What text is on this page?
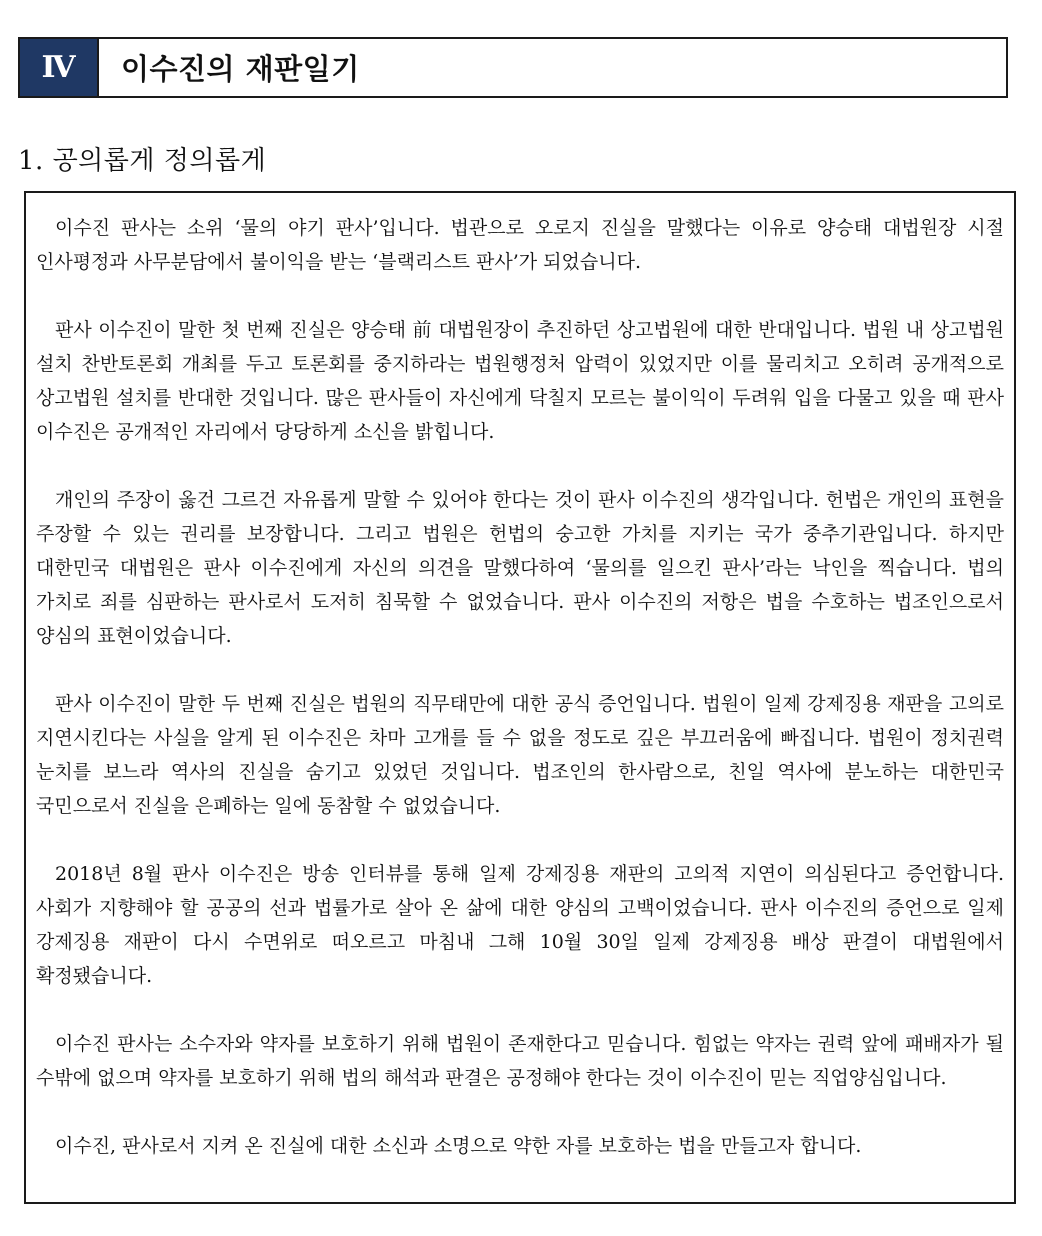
Ⅳ	이수진의 재판일기
1. 공의롭게 정의롭게

이수진 판사는 소위 ‘물의 야기 판사’입니다. 법관으로 오로지 진실을 말했다는 이유로 양승태 대법원장 시절 인사평정과 사무분담에서 불이익을 받는 ‘블랙리스트 판사’가 되었습니다.

판사 이수진이 말한 첫 번째 진실은 양승태 前 대법원장이 추진하던 상고법원에 대한 반대입니다. 법원 내 상고법원 설치 찬반토론회 개최를 두고 토론회를 중지하라는 법원행정처 압력이 있었지만 이를 물리치고 오히려 공개적으로 상고법원 설치를 반대한 것입니다. 많은 판사들이 자신에게 닥칠지 모르는 불이익이 두려워 입을 다물고 있을 때 판사 이수진은 공개적인 자리에서 당당하게 소신을 밝힙니다.

개인의 주장이 옳건 그르건 자유롭게 말할 수 있어야 한다는 것이 판사 이수진의 생각입니다. 헌법은 개인의 표현을 주장할 수 있는 권리를 보장합니다. 그리고 법원은 헌법의 숭고한 가치를 지키는 국가 중추기관입니다. 하지만 대한민국 대법원은 판사 이수진에게 자신의 의견을 말했다하여 ‘물의를 일으킨 판사’라는 낙인을 찍습니다. 법의 가치로 죄를 심판하는 판사로서 도저히 침묵할 수 없었습니다. 판사 이수진의 저항은 법을 수호하는 법조인으로서 양심의 표현이었습니다.

판사 이수진이 말한 두 번째 진실은 법원의 직무태만에 대한 공식 증언입니다. 법원이 일제 강제징용 재판을 고의로 지연시킨다는 사실을 알게 된 이수진은 차마 고개를 들 수 없을 정도로 깊은 부끄러움에 빠집니다. 법원이 정치권력 눈치를 보느라 역사의 진실을 숨기고 있었던 것입니다. 법조인의 한사람으로, 친일 역사에 분노하는 대한민국 국민으로서 진실을 은폐하는 일에 동참할 수 없었습니다.

2018년 8월 판사 이수진은 방송 인터뷰를 통해 일제 강제징용 재판의 고의적 지연이 의심된다고 증언합니다. 사회가 지향해야 할 공공의 선과 법률가로 살아 온 삶에 대한 양심의 고백이었습니다. 판사 이수진의 증언으로 일제 강제징용 재판이 다시 수면위로 떠오르고 마침내 그해 10월 30일 일제 강제징용 배상 판결이 대법원에서 확정됐습니다.

이수진 판사는 소수자와 약자를 보호하기 위해 법원이 존재한다고 믿습니다. 힘없는 약자는 권력 앞에 패배자가 될 수밖에 없으며 약자를 보호하기 위해 법의 해석과 판결은 공정해야 한다는 것이 이수진이 믿는 직업양심입니다.

이수진, 판사로서 지켜 온 진실에 대한 소신과 소명으로 약한 자를 보호하는 법을 만들고자 합니다.
